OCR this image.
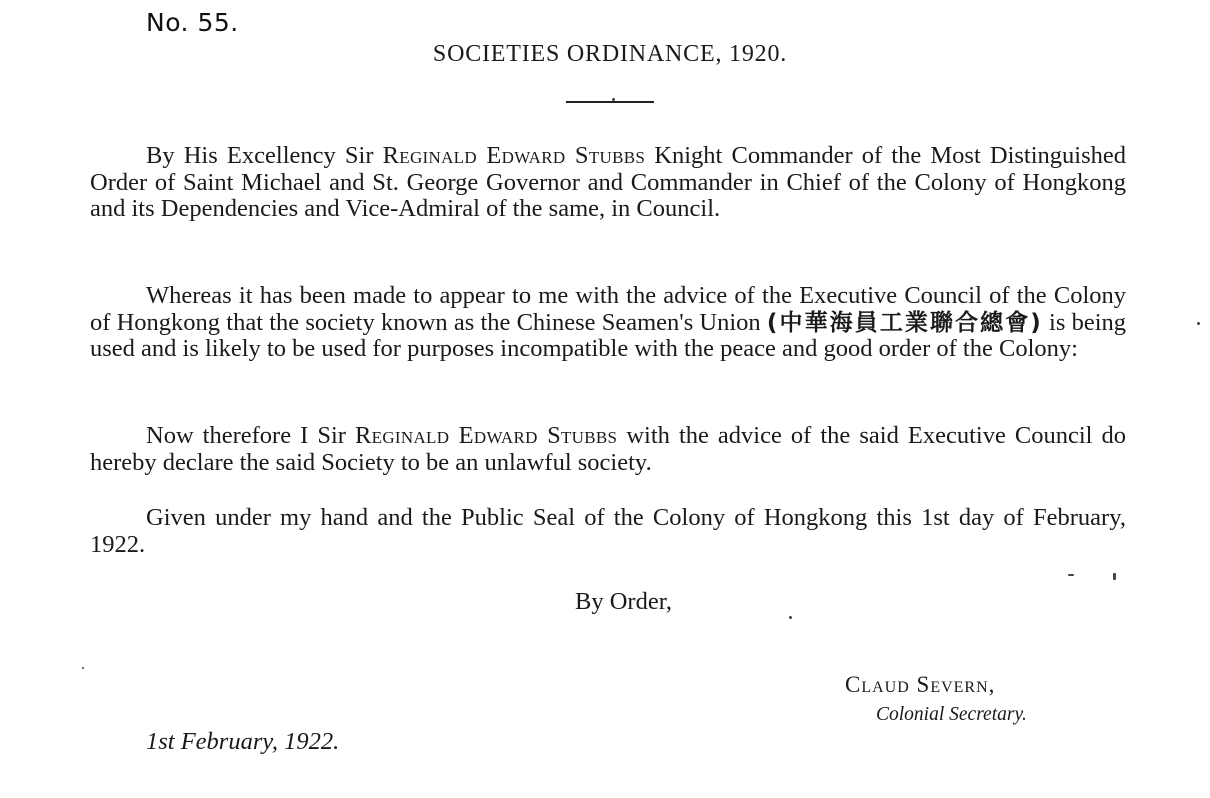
No. 55.
SOCIETIES ORDINANCE, 1920.

By His Excellency Sir Reginald Edward Stubbs Knight Commander of the Most Distinguished Order of Saint Michael and St. George Governor and Commander in Chief of the Colony of Hongkong and its Dependencies and Vice-Admiral of the same, in Council.

Whereas it has been made to appear to me with the advice of the Executive Council of the Colony of Hongkong that the society known as the Chinese Seamen's Union (中華海員工業聯合總會) is being used and is likely to be used for purposes incompatible with the peace and good order of the Colony:

Now therefore I Sir Reginald Edward Stubbs with the advice of the said Executive Council do hereby declare the said Society to be an unlawful society.

Given under my hand and the Public Seal of the Colony of Hongkong this 1st day of February, 1922.

By Order,
Claud Severn,
Colonial Secretary.
1st February, 1922.
